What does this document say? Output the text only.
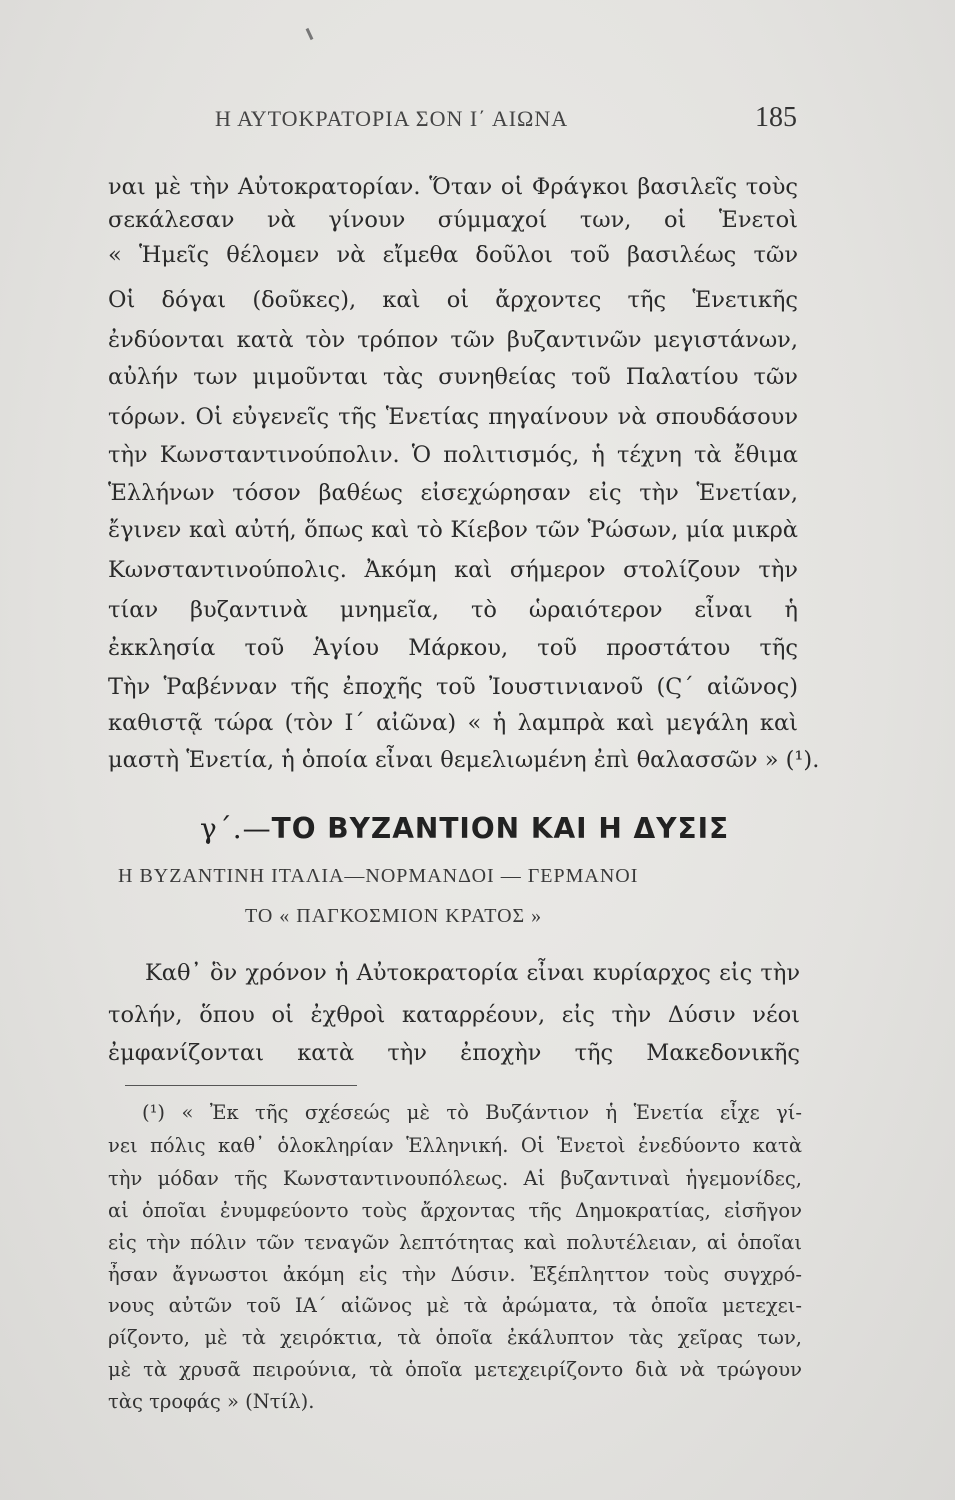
Η ΑΥΤΟΚΡΑΤΟΡΙΑ ΣΟΝ Ι΄ ΑΙΩΝΑ	185
ναι μὲ τὴν Αὐτοκρατορίαν. Ὅταν οἱ Φράγκοι βασιλεῖς τοὺς
σεκάλεσαν νὰ γίνουν σύμμαχοί των, οἱ Ἑνετοὶ
« Ἡμεῖς θέλομεν νὰ εἴμεθα δοῦλοι τοῦ βασιλέως τῶν
Οἱ δόγαι (δοῦκες), καὶ οἱ ἄρχοντες τῆς Ἑνετικῆς
ἐνδύονται κατὰ τὸν τρόπον τῶν βυζαντινῶν μεγιστάνων,
αὐλήν των μιμοῦνται τὰς συνηθείας τοῦ Παλατίου τῶν
τόρων. Οἱ εὐγενεῖς τῆς Ἑνετίας πηγαίνουν νὰ σπουδάσουν
τὴν Κωνσταντινούπολιν. Ὁ πολιτισμός, ἡ τέχνη τὰ ἔθιμα
Ἑλλήνων τόσον βαθέως εἰσεχώρησαν εἰς τὴν Ἑνετίαν,
ἔγινεν καὶ αὐτή, ὅπως καὶ τὸ Κίεβον τῶν Ῥώσων, μία μικρὰ
Κωνσταντινούπολις. Ἀκόμη καὶ σήμερον στολίζουν τὴν
τίαν βυζαντινὰ μνημεῖα, τὸ ὡραιότερον εἶναι ἡ
ἐκκλησία τοῦ Ἁγίου Μάρκου, τοῦ προστάτου τῆς
Τὴν Ῥαβένναν τῆς ἐποχῆς τοῦ Ἰουστινιανοῦ (Ϛ΄ αἰῶνος)
καθιστᾷ τώρα (τὸν Ι΄ αἰῶνα) « ἡ λαμπρὰ καὶ μεγάλη καὶ
μαστὴ Ἑνετία, ἡ ὁποία εἶναι θεμελιωμένη ἐπὶ θαλασσῶν » (¹).
γ΄.—ΤΟ ΒΥΖΑΝΤΙΟΝ ΚΑΙ Η ΔΥΣΙΣ
Η ΒΥΖΑΝΤΙΝΗ ΙΤΑΛΙΑ—ΝΟΡΜΑΝΔΟΙ — ΓΕΡΜΑΝΟΙ
ΤΟ « ΠΑΓΚΟΣΜΙΟΝ ΚΡΑΤΟΣ »
Καθ᾽ ὃν χρόνον ἡ Αὐτοκρατορία εἶναι κυρίαρχος εἰς τὴν
τολήν, ὅπου οἱ ἐχθροὶ καταρρέουν, εἰς τὴν Δύσιν νέοι
ἐμφανίζονται κατὰ τὴν ἐποχὴν τῆς Μακεδονικῆς
(¹) « Ἐκ τῆς σχέσεώς μὲ τὸ Βυζάντιον ἡ Ἑνετία εἶχε γί-
νει πόλις καθ᾽ ὁλοκληρίαν Ἑλληνική. Οἱ Ἑνετοὶ ἐνεδύοντο κατὰ
τὴν μόδαν τῆς Κωνσταντινουπόλεως. Αἱ βυζαντιναὶ ἡγεμονίδες,
αἱ ὁποῖαι ἐνυμφεύοντο τοὺς ἄρχοντας τῆς Δημοκρατίας, εἰσῆγον
εἰς τὴν πόλιν τῶν τεναγῶν λεπτότητας καὶ πολυτέλειαν, αἱ ὁποῖαι
ἦσαν ἄγνωστοι ἀκόμη εἰς τὴν Δύσιν. Ἐξέπληττον τοὺς συγχρό-
νους αὐτῶν τοῦ ΙΑ΄ αἰῶνος μὲ τὰ ἀρώματα, τὰ ὁποῖα μετεχει-
ρίζοντο, μὲ τὰ χειρόκτια, τὰ ὁποῖα ἐκάλυπτον τὰς χεῖρας των,
μὲ τὰ χρυσᾶ πειρούνια, τὰ ὁποῖα μετεχειρίζοντο διὰ νὰ τρώγουν
τὰς τροφάς » (Ντίλ).
